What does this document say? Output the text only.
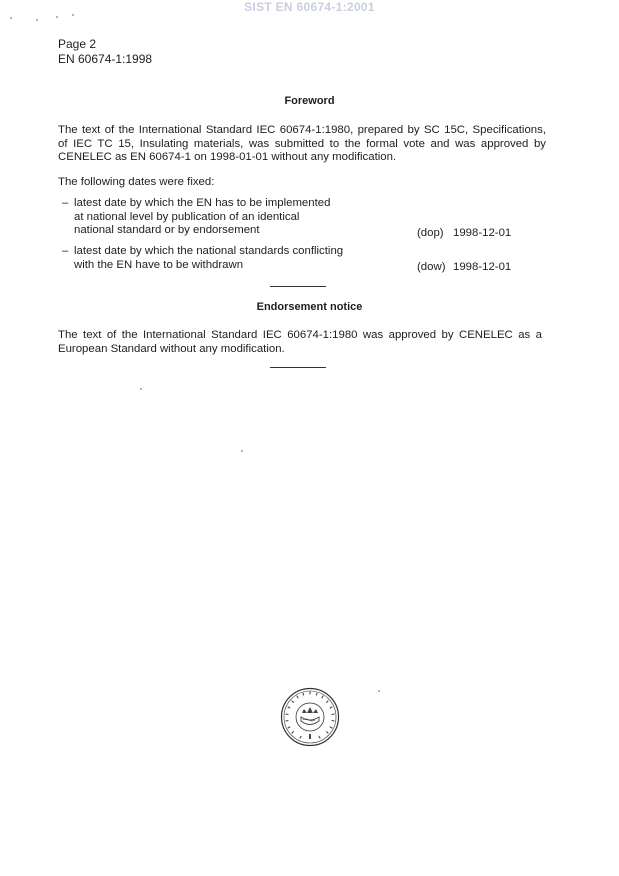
SIST EN 60674-1:2001
Page 2
EN 60674-1:1998
Foreword
The text of the International Standard IEC 60674-1:1980, prepared by SC 15C, Specifications,
of IEC TC 15, Insulating materials, was submitted to the formal vote and was approved by
CENELEC as EN 60674-1 on 1998-01-01 without any modification.
The following dates were fixed:
– latest date by which the EN has to be implemented
at national level by publication of an identical
national standard or by endorsement	(dop) 1998-12-01
– latest date by which the national standards conflicting
with the EN have to be withdrawn	(dow) 1998-12-01
Endorsement notice
The text of the International Standard IEC 60674-1:1980 was approved by CENELEC as a
European Standard without any modification.
